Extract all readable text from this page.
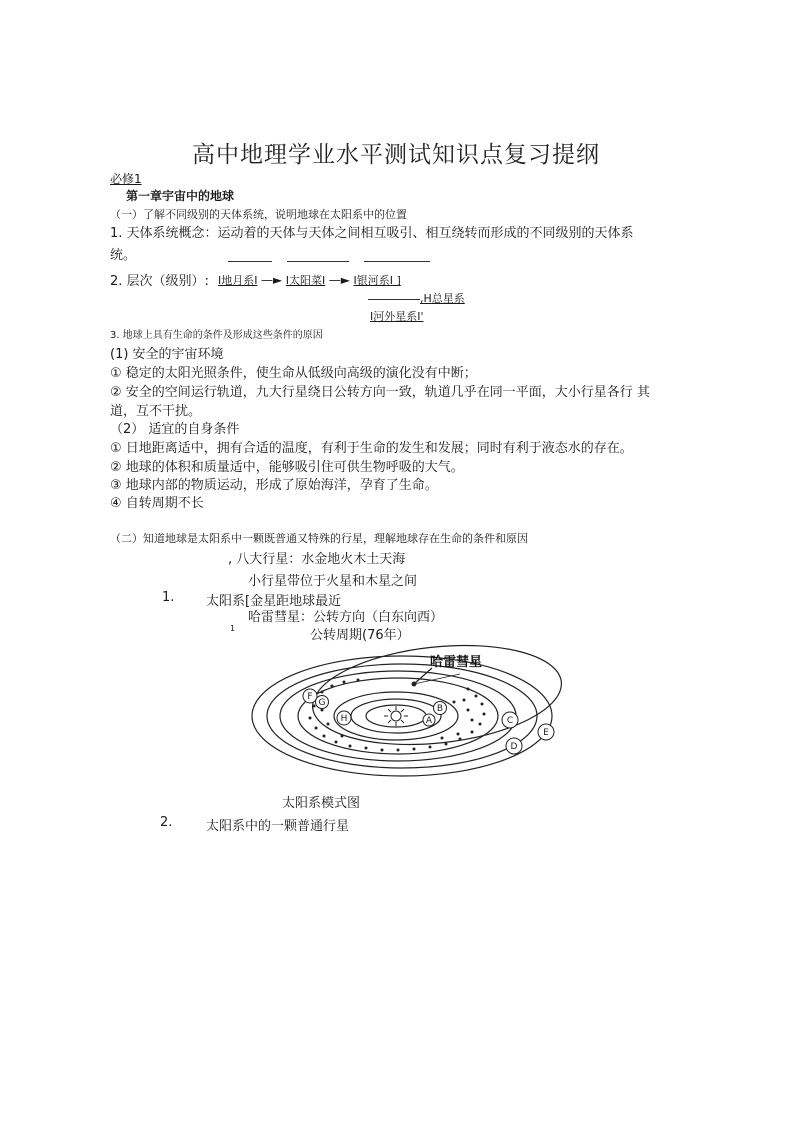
高中地理学业水平测试知识点复习提纲
必修1
第一章宇宙中的地球
（一）了解不同级别的天体系统，说明地球在太阳系中的位置
1. 天体系统概念：运动着的天体与天体之间相互吸引、相互绕转而形成的不同级别的天体系
统。

2. 层次（级别）: I地月系I —► I太阳菜I —► I银河系I ]
,H总星系
I河外星系I'
3. 地球上具有生命的条件及形成这些条件的原因
(1) 安全的宇宙环境
① 稳定的太阳光照条件，使生命从低级向高级的演化没有中断；
② 安全的空间运行轨道，九大行星绕日公转方向一致，轨道几乎在同一平面，大小行星各行 其
道，互不干扰。
（2） 适宜的自身条件
① 日地距离适中，拥有合适的温度，有利于生命的发生和发展；同时有利于液态水的存在。
② 地球的体积和质量适中，能够吸引住可供生物呼吸的大气。
③ 地球内部的物质运动，形成了原始海洋，孕育了生命。
④ 自转周期不长
（二）知道地球是太阳系中一颗既普通又特殊的行星，理解地球存在生命的条件和原因
, 八大行星：水金地火木土天海
小行星带位于火星和木星之间
1. 太阳系[金星距地球最近
哈雷彗星：公转方向（白东向西）
1	公转周期(76年）
A
B
C
D
E
F
G
H
哈雷彗星
太阳系模式图
2.	太阳系中的一颗普通行星
